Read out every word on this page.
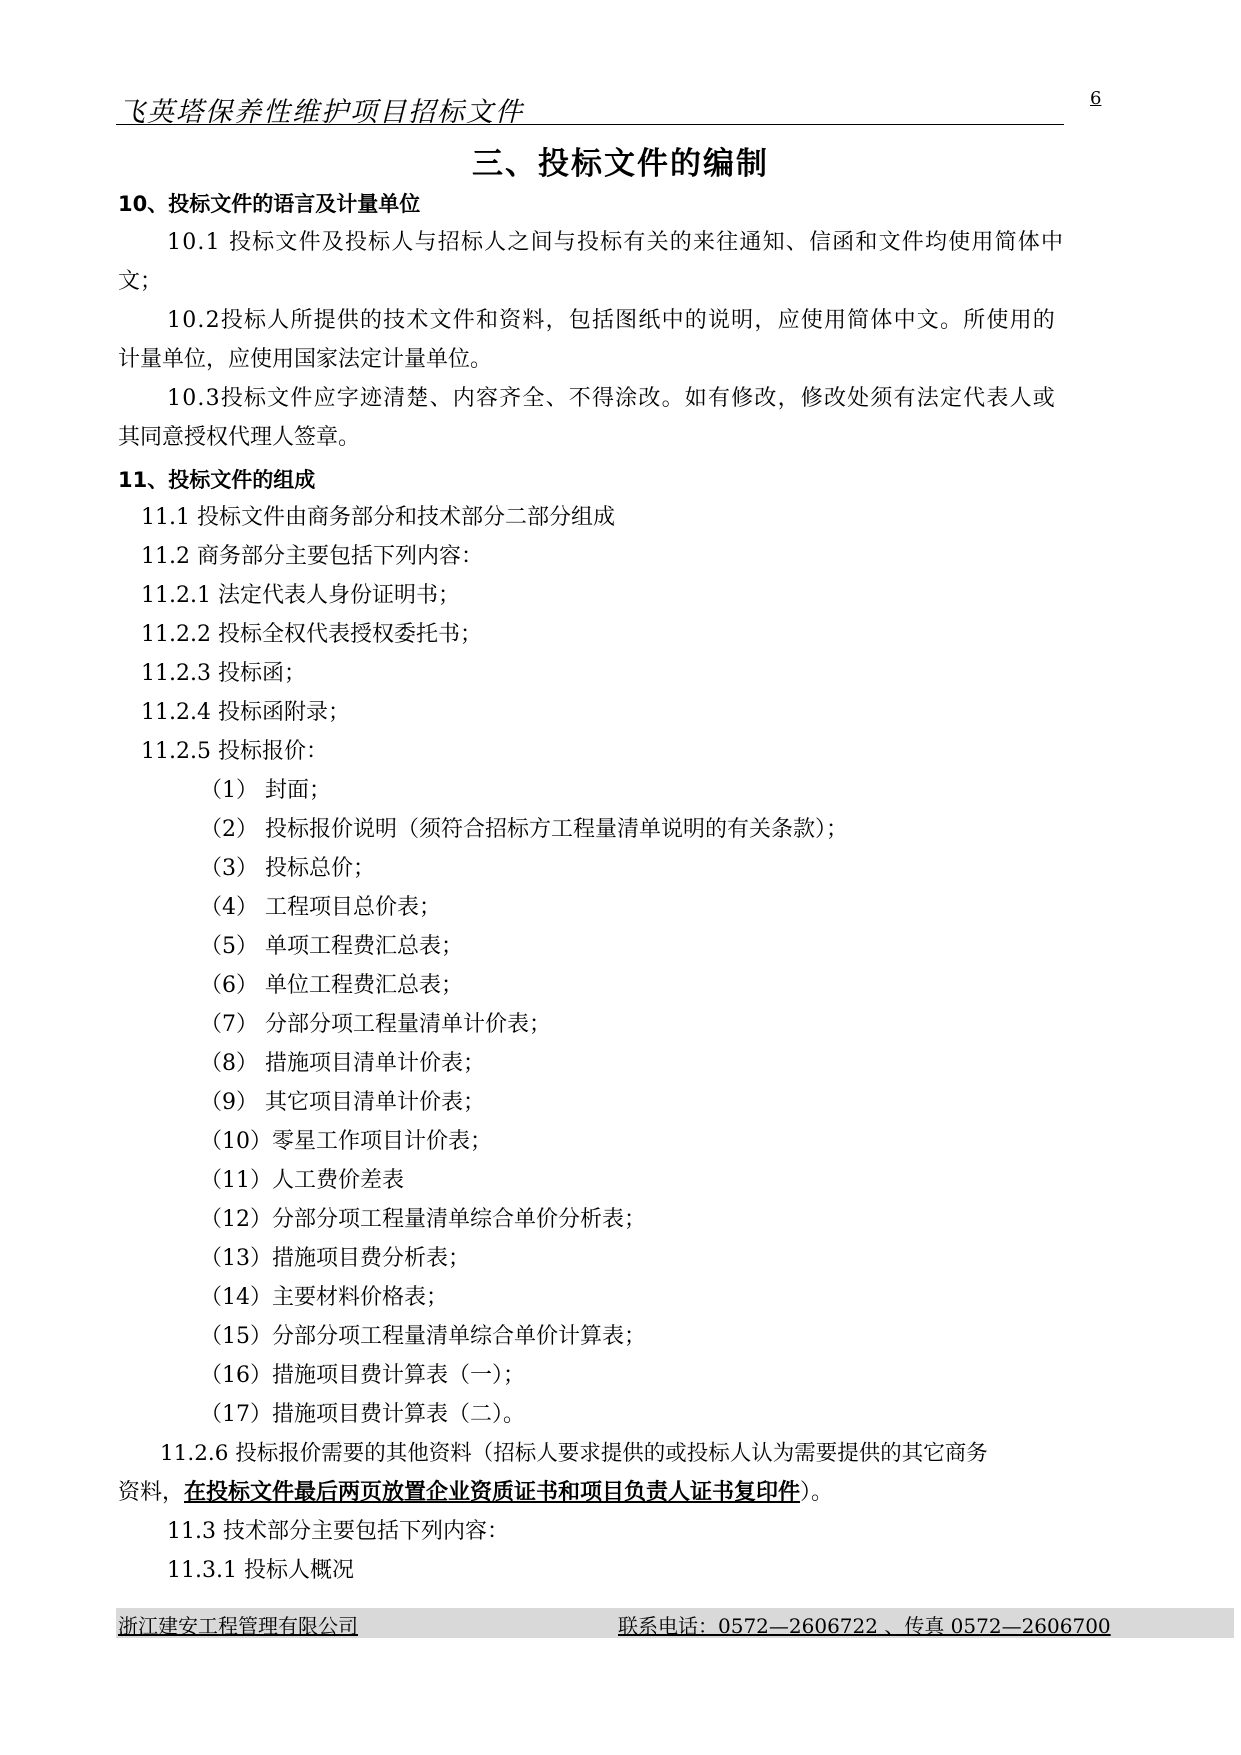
飞英塔保养性维护项目招标文件	6
三、投标文件的编制
10、投标文件的语言及计量单位
10.1 投标文件及投标人与招标人之间与投标有关的来往通知、信函和文件均使用简体中
文；
10.2投标人所提供的技术文件和资料，包括图纸中的说明，应使用简体中文。所使用的
计量单位，应使用国家法定计量单位。
10.3投标文件应字迹清楚、内容齐全、不得涂改。如有修改，修改处须有法定代表人或
其同意授权代理人签章。
11、投标文件的组成
11.1 投标文件由商务部分和技术部分二部分组成
11.2 商务部分主要包括下列内容：
11.2.1 法定代表人身份证明书；
11.2.2 投标全权代表授权委托书；
11.2.3 投标函；
11.2.4 投标函附录；
11.2.5 投标报价：
（1） 封面；
（2） 投标报价说明（须符合招标方工程量清单说明的有关条款）；
（3） 投标总价；
（4） 工程项目总价表；
（5） 单项工程费汇总表；
（6） 单位工程费汇总表；
（7） 分部分项工程量清单计价表；
（8） 措施项目清单计价表；
（9） 其它项目清单计价表；
（10）零星工作项目计价表；
（11）人工费价差表
（12）分部分项工程量清单综合单价分析表；
（13）措施项目费分析表；
（14）主要材料价格表；
（15）分部分项工程量清单综合单价计算表；
（16）措施项目费计算表（一）；
（17）措施项目费计算表（二）。
11.2.6 投标报价需要的其他资料（招标人要求提供的或投标人认为需要提供的其它商务
资料，在投标文件最后两页放置企业资质证书和项目负责人证书复印件）。
11.3 技术部分主要包括下列内容：
11.3.1 投标人概况
浙江建安工程管理有限公司	联系电话：0572—2606722 、传真 0572—2606700
